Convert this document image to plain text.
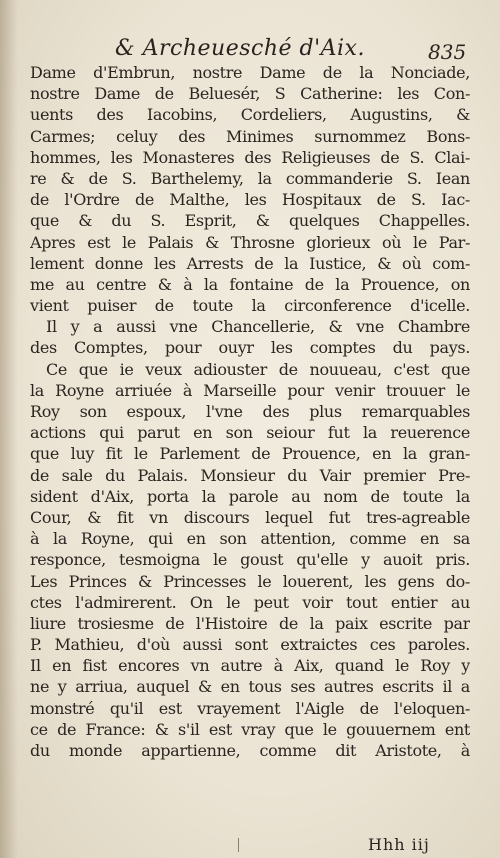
& Archeuesché d'Aix.	835
Dame d'Embrun, nostre Dame de la Nonciade,
nostre Dame de Beluesér, S Catherine: les Con-
uents des Iacobins, Cordeliers, Augustins, &
Carmes; celuy des Minimes surnommez Bons-
hommes, les Monasteres des Religieuses de S. Clai-
re & de S. Barthelemy, la commanderie S. Iean
de l'Ordre de Malthe, les Hospitaux de S. Iac-
que & du S. Esprit, & quelques Chappelles.
Apres est le Palais & Throsne glorieux où le Par-
lement donne les Arrests de la Iustice, & où com-
me au centre & à la fontaine de la Prouence, on
vient puiser de toute la circonference d'icelle.
Il y a aussi vne Chancellerie, & vne Chambre
des Comptes, pour ouyr les comptes du pays.
Ce que ie veux adiouster de nouueau, c'est que
la Royne arriuée à Marseille pour venir trouuer le
Roy son espoux, l'vne des plus remarquables
actions qui parut en son seiour fut la reuerence
que luy fit le Parlement de Prouence, en la gran-
de sale du Palais. Monsieur du Vair premier Pre-
sident d'Aix, porta la parole au nom de toute la
Cour, & fit vn discours lequel fut tres-agreable
à la Royne, qui en son attention, comme en sa
responce, tesmoigna le goust qu'elle y auoit pris.
Les Princes & Princesses le louerent, les gens do-
ctes l'admirerent. On le peut voir tout entier au
liure trosiesme de l'Histoire de la paix escrite par
P. Mathieu, d'où aussi sont extraictes ces paroles.
Il en fist encores vn autre à Aix, quand le Roy y
ne y arriua, auquel & en tous ses autres escrits il a
monstré qu'il est vrayement l'Aigle de l'eloquen-
ce de France: & s'il est vray que le gouuernem ent
du monde appartienne, comme dit Aristote, à
Hhh iij
